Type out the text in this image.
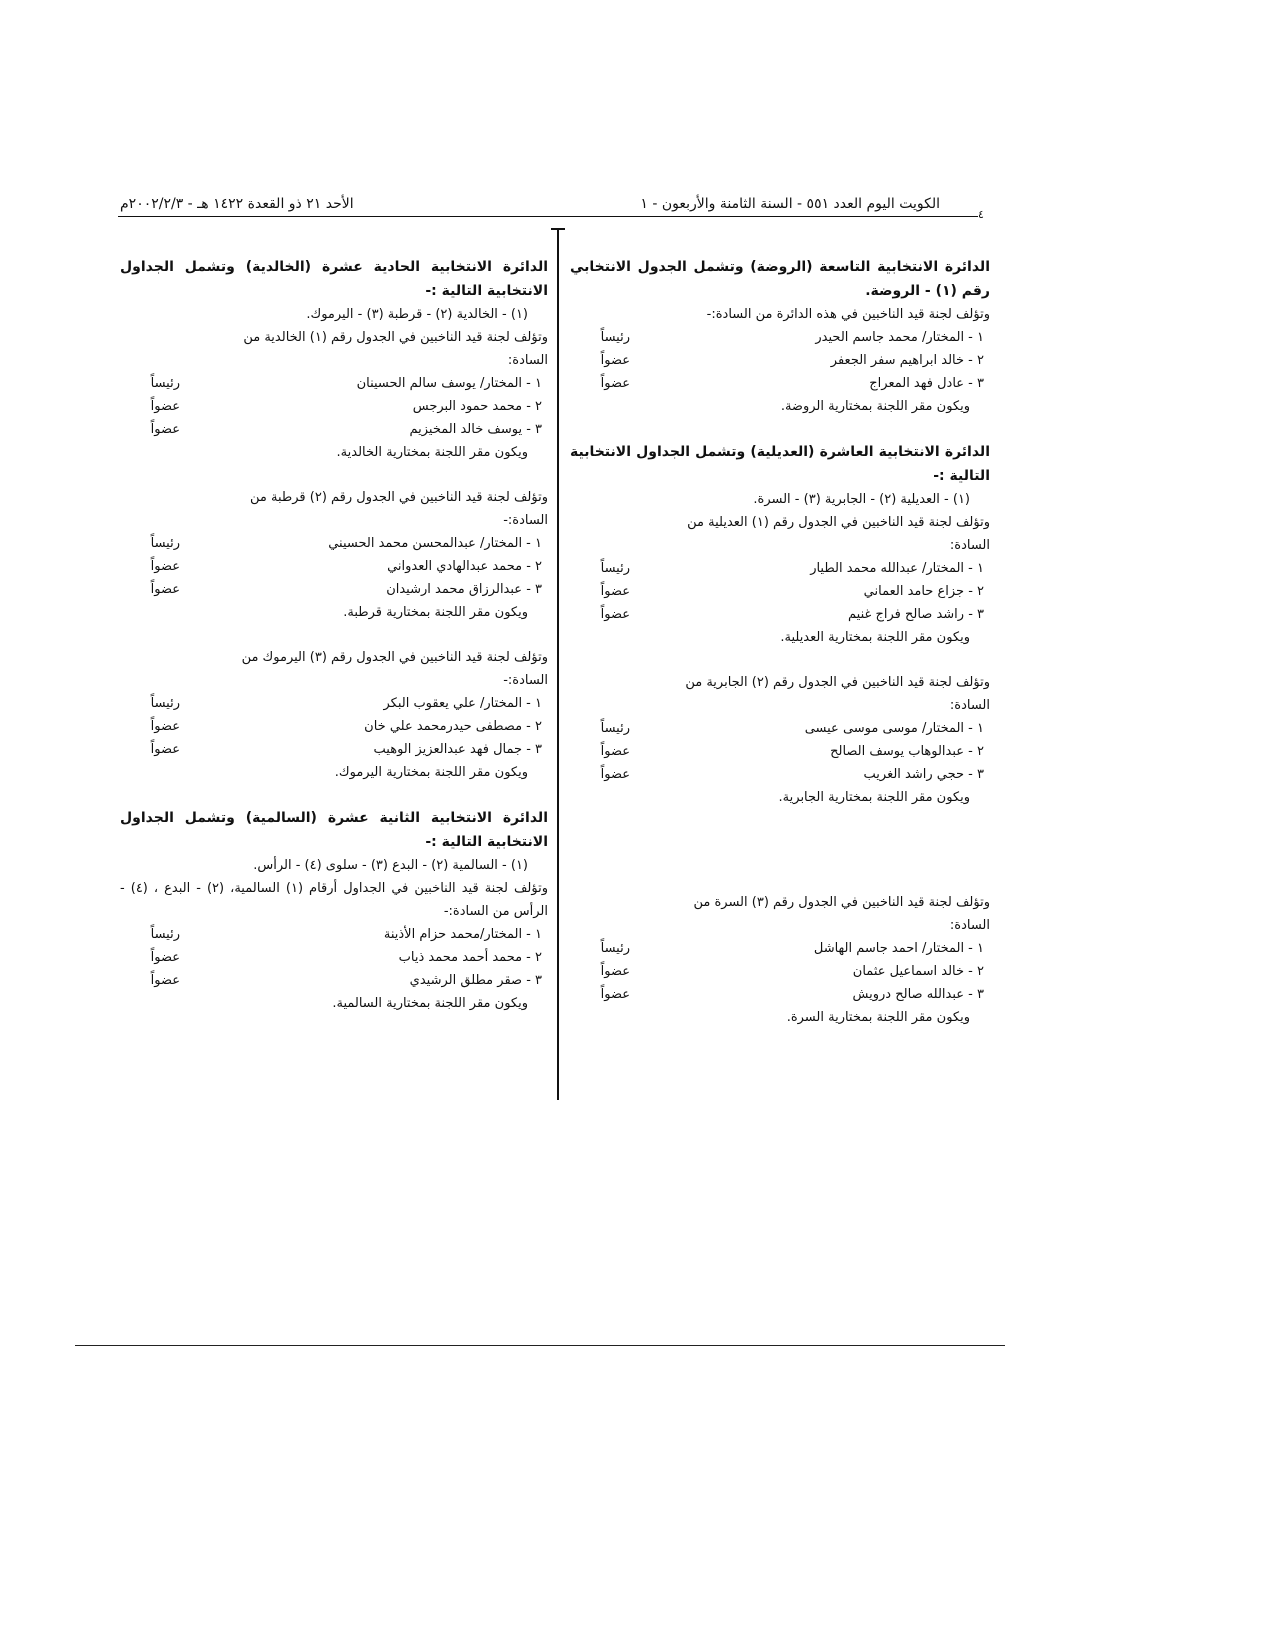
٤
الكويت اليوم العدد ٥٥١ - السنة الثامنة والأربعون - ١
الأحد ٢١ ذو القعدة ١٤٢٢ هـ - ٢٠٠٢/٢/٣م
الدائرة الانتخابية التاسعة (الروضة) وتشمل الجدول الانتخابي رقم (١) - الروضة.
وتؤلف لجنة قيد الناخبين في هذه الدائرة من السادة:-
١ - المختار/ محمد جاسم الحيدر
رئيساً
٢ - خالد ابراهيم سفر الجعفر
عضواً
٣ - عادل فهد المعراج
عضواً
ويكون مقر اللجنة بمختارية الروضة.
الدائرة الانتخابية العاشرة (العديلية) وتشمل الجداول الانتخابية التالية :-
(١) - العديلية (٢) - الجابرية (٣) - السرة.
وتؤلف لجنة قيد الناخبين في الجدول رقم (١) العديلية من
السادة:
١ - المختار/ عبدالله محمد الطيار
رئيساً
٢ - جزاع حامد العماني
عضواً
٣ - راشد صالح فراج غنيم
عضواً
ويكون مقر اللجنة بمختارية العديلية.
وتؤلف لجنة قيد الناخبين في الجدول رقم (٢) الجابرية من
السادة:
١ - المختار/ موسى موسى عيسى
رئيساً
٢ - عبدالوهاب يوسف الصالح
عضواً
٣ - حجي راشد الغريب
عضواً
ويكون مقر اللجنة بمختارية الجابرية.
وتؤلف لجنة قيد الناخبين في الجدول رقم (٣) السرة من
السادة:
١ - المختار/ احمد جاسم الهاشل
رئيساً
٢ - خالد اسماعيل عثمان
عضواً
٣ - عبدالله صالح درويش
عضواً
ويكون مقر اللجنة بمختارية السرة.
الدائرة الانتخابية الحادية عشرة (الخالدية) وتشمل الجداول الانتخابية التالية :-
(١) - الخالدية (٢) - قرطبة (٣) - اليرموك.
وتؤلف لجنة قيد الناخبين في الجدول رقم (١) الخالدية من
السادة:
١ - المختار/ يوسف سالم الحسينان
رئيساً
٢ - محمد حمود البرجس
عضواً
٣ - يوسف خالد المخيزيم
عضواً
ويكون مقر اللجنة بمختارية الخالدية.
وتؤلف لجنة قيد الناخبين في الجدول رقم (٢) قرطبة من
السادة:-
١ - المختار/ عبدالمحسن محمد الحسيني
رئيساً
٢ - محمد عبدالهادي العدواني
عضواً
٣ - عبدالرزاق محمد ارشيدان
عضواً
ويكون مقر اللجنة بمختارية قرطبة.
وتؤلف لجنة قيد الناخبين في الجدول رقم (٣) اليرموك من
السادة:-
١ - المختار/ علي يعقوب البكر
رئيساً
٢ - مصطفى حيدرمحمد علي خان
عضواً
٣ - جمال فهد عبدالعزيز الوهيب
عضواً
ويكون مقر اللجنة بمختارية اليرموك.
الدائرة الانتخابية الثانية عشرة (السالمية) وتشمل الجداول الانتخابية التالية :-
(١) - السالمية (٢) - البدع (٣) - سلوى (٤) - الرأس.
وتؤلف لجنة قيد الناخبين في الجداول أرقام (١) السالمية، (٢) - البدع ، (٤) - الرأس من السادة:-
١ - المختار/محمد حزام الأذينة
رئيساً
٢ - محمد أحمد محمد ذياب
عضواً
٣ - صقر مطلق الرشيدي
عضواً
ويكون مقر اللجنة بمختارية السالمية.
